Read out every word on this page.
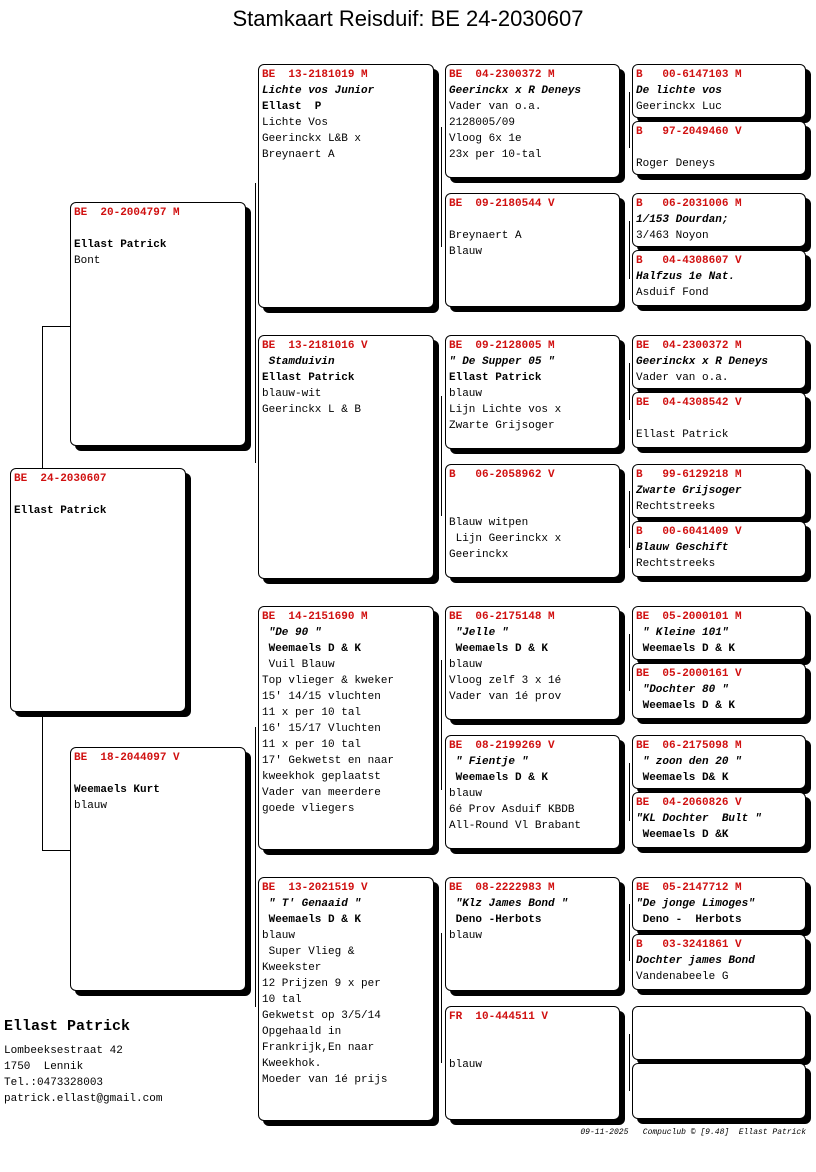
Stamkaart Reisduif: BE 24-2030607
BE  24-2030607
Ellast Patrick
BE  20-2004797 M
Ellast Patrick
Bont
BE  18-2044097 V
Weemaels Kurt
blauw
BE  13-2181019 M
Lichte vos Junior
Ellast  P
Lichte Vos
Geerinckx L&B x
Breynaert A
BE  13-2181016 V
Stamduivin
Ellast Patrick
blauw-wit
Geerinckx L & B
BE  14-2151690 M
"De 90 "
Weemaels D & K
Vuil Blauw
Top vlieger & kweker
15' 14/15 vluchten
11 x per 10 tal
16' 15/17 Vluchten
11 x per 10 tal
17' Gekwetst en naar
kweekhok geplaatst
Vader van meerdere
goede vliegers
BE  13-2021519 V
" T' Genaaid "
Weemaels D & K
blauw
Super Vlieg &
Kweekster
12 Prijzen 9 x per
10 tal
Gekwetst op 3/5/14
Opgehaald in
Frankrijk,En naar
Kweekhok.
Moeder van 1é prijs
BE  04-2300372 M
Geerinckx x R Deneys
Vader van o.a.
2128005/09
Vloog 6x 1e
23x per 10-tal
BE  09-2180544 V
Breynaert A
Blauw
BE  09-2128005 M
" De Supper 05 "
Ellast Patrick
blauw
Lijn Lichte vos x
Zwarte Grijsoger
B   06-2058962 V
Blauw witpen
Lijn Geerinckx x
Geerinckx
BE  06-2175148 M
"Jelle "
Weemaels D & K
blauw
Vloog zelf 3 x 1é
Vader van 1é prov
BE  08-2199269 V
" Fientje "
Weemaels D & K
blauw
6é Prov Asduif KBDB
All-Round Vl Brabant
BE  08-2222983 M
"Klz James Bond "
Deno -Herbots
blauw
FR  10-444511 V
blauw
B   00-6147103 M
De lichte vos
Geerinckx Luc
B   97-2049460 V
Roger Deneys
B   06-2031006 M
1/153 Dourdan;
3/463 Noyon
B   04-4308607 V
Halfzus 1e Nat.
Asduif Fond
BE  04-2300372 M
Geerinckx x R Deneys
Vader van o.a.
BE  04-4308542 V
Ellast Patrick
B   99-6129218 M
Zwarte Grijsoger
Rechtstreeks
B   00-6041409 V
Blauw Geschift
Rechtstreeks
BE  05-2000101 M
" Kleine 101"
Weemaels D & K
BE  05-2000161 V
"Dochter 80 "
Weemaels D & K
BE  06-2175098 M
" zoon den 20 "
Weemaels D& K
BE  04-2060826 V
"KL Dochter  Bult "
Weemaels D &K
BE  05-2147712 M
"De jonge Limoges"
Deno -  Herbots
B   03-3241861 V
Dochter james Bond
Vandenabeele G
Ellast Patrick
Lombeeksestraat 42
1750  Lennik
Tel.:0473328003
patrick.ellast@gmail.com
09-11-2025   Compuclub © [9.48]  Ellast Patrick
